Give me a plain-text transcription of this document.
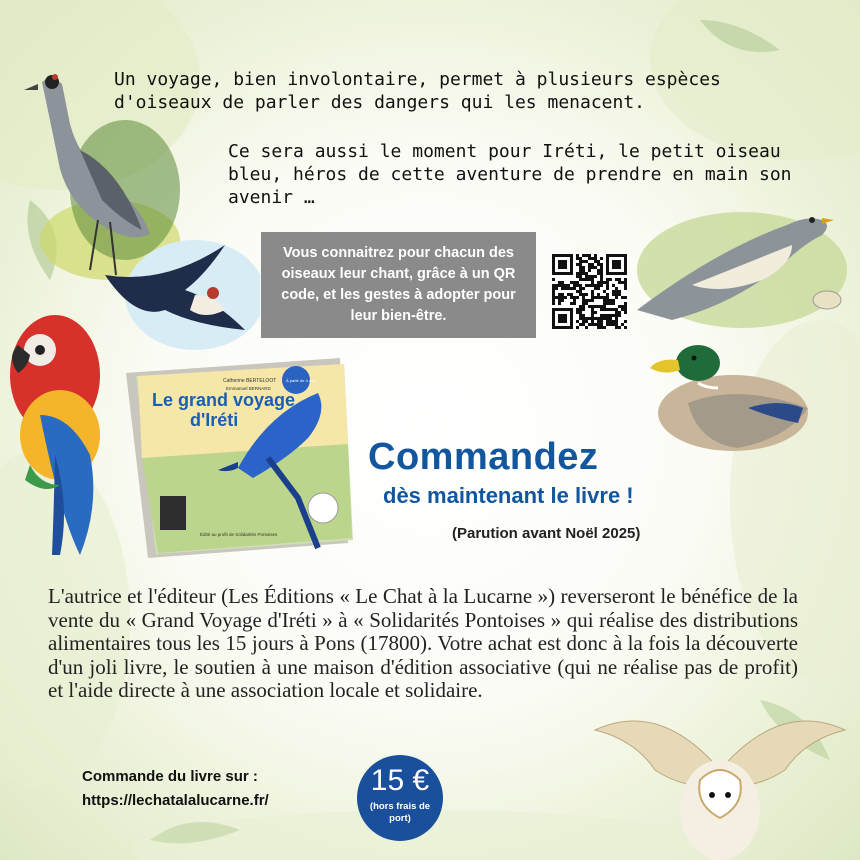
Catherine BERTELOOT
Emmanuel BERNARD
À partir de 4 ans
Le grand voyage
d'Iréti
Édité au profit de Solidarités Pontoises

Un voyage, bien involontaire, permet à plusieurs espèces d'oiseaux de parler des dangers qui les menacent.

Ce sera aussi le moment pour Iréti, le petit oiseau bleu, héros de cette aventure de prendre en main son avenir …

Vous connaitrez pour chacun des oiseaux leur chant, grâce à un QR code, et les gestes à adopter pour leur bien-être.
Commandez
dès maintenant le livre !
(Parution avant Noël 2025)

L'autrice et l'éditeur (Les Éditions « Le Chat à la Lucarne ») reverseront le bénéfice de la vente du « Grand Voyage d'Iréti » à « Solidarités Pontoises » qui réalise des distributions alimentaires tous les 15 jours à Pons (17800). Votre achat est donc à la fois la découverte d'un joli livre, le soutien à une maison d'édition associative (qui ne réalise pas de profit) et l'aide directe à une association locale et solidaire.

Commande du livre sur :
https://lechatalalucarne.fr/
15 €
(hors frais de port)
